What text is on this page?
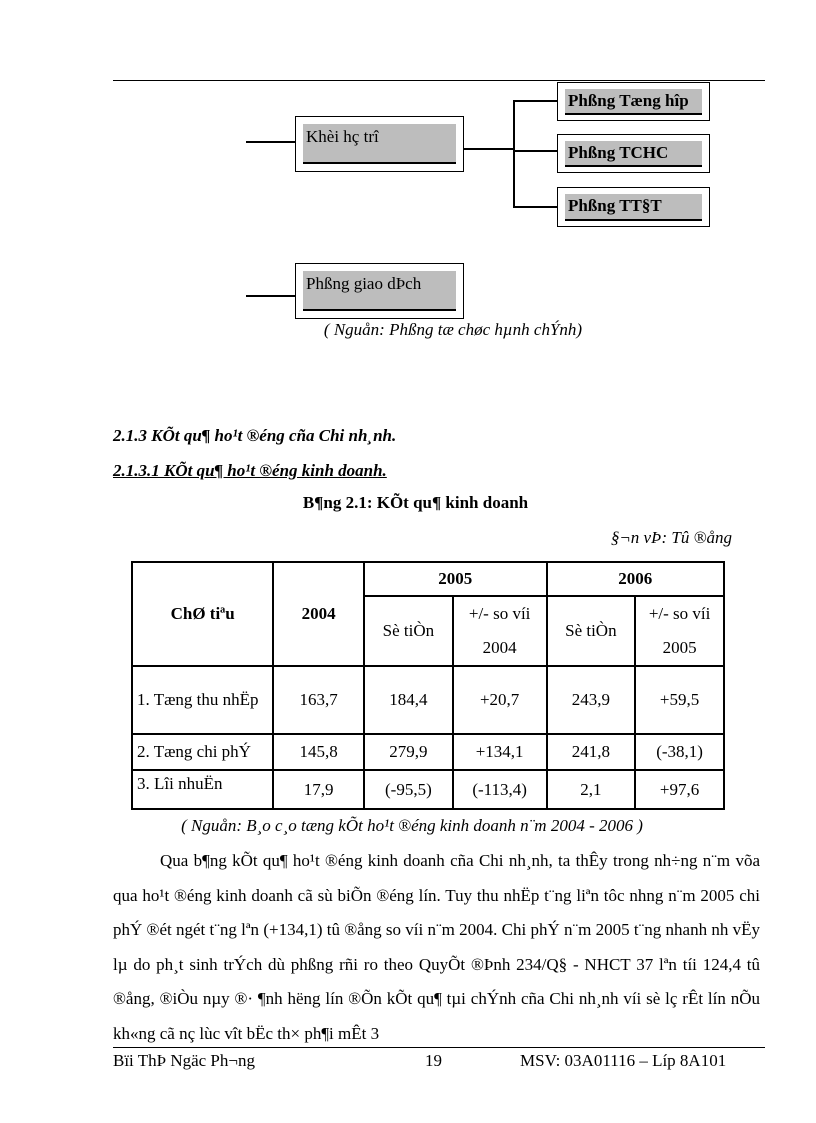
Khèi hç trî
Phßng Tæng hîp
Phßng TCHC
Phßng TT§T
Phßng giao dÞch
( Nguån: Phßng tæ chøc hµnh chÝnh)
2.1.3 KÕt qu¶ ho¹t ®éng cña Chi nh¸nh.
2.1.3.1 KÕt qu¶ ho¹t ®éng kinh doanh.
B¶ng 2.1: KÕt qu¶ kinh doanh
§¬n vÞ: Tû ®ång
ChØ tiªu	2004	2005		2006	
		Sè tiÒn	+/- so víi 2004	Sè tiÒn	+/- so víi 2005
1. Tæng thu nhËp	163,7	184,4	+20,7	243,9	+59,5
2. Tæng chi phÝ	145,8	279,9	+134,1	241,8	(-38,1)
3. Lîi nhuËn	17,9	(-95,5)	(-113,4)	2,1	+97,6
( Nguån: B¸o c¸o tæng kÕt ho¹t ®éng kinh doanh n¨m 2004 - 2006 )
Qua b¶ng kÕt qu¶ ho¹t ®éng kinh doanh cña Chi nh¸nh, ta thÊy trong nh÷ng n¨m võa qua ho¹t ®éng kinh doanh cã sù biÕn ®éng lín. Tuy thu nhËp t¨ng liªn tôc nhng n¨m 2005 chi phÝ ®ét ngét t¨ng lªn (+134,1) tû ®ång so víi n¨m 2004. Chi phÝ n¨m 2005 t¨ng nhanh nh vËy lµ do ph¸t sinh trÝch dù phßng rñi ro theo QuyÕt ®Þnh 234/Q§ - NHCT 37 lªn tíi 124,4 tû ®ång, ®iÒu nµy ®· ¶nh hëng lín ®Õn kÕt qu¶ tµi chÝnh cña Chi nh¸nh víi sè lç rÊt lín nÕu kh«ng cã nç lùc vît bËc th× ph¶i mÊt 3
Bïi ThÞ Ngäc Ph¬ng	19	MSV: 03A01116 – Líp 8A101
